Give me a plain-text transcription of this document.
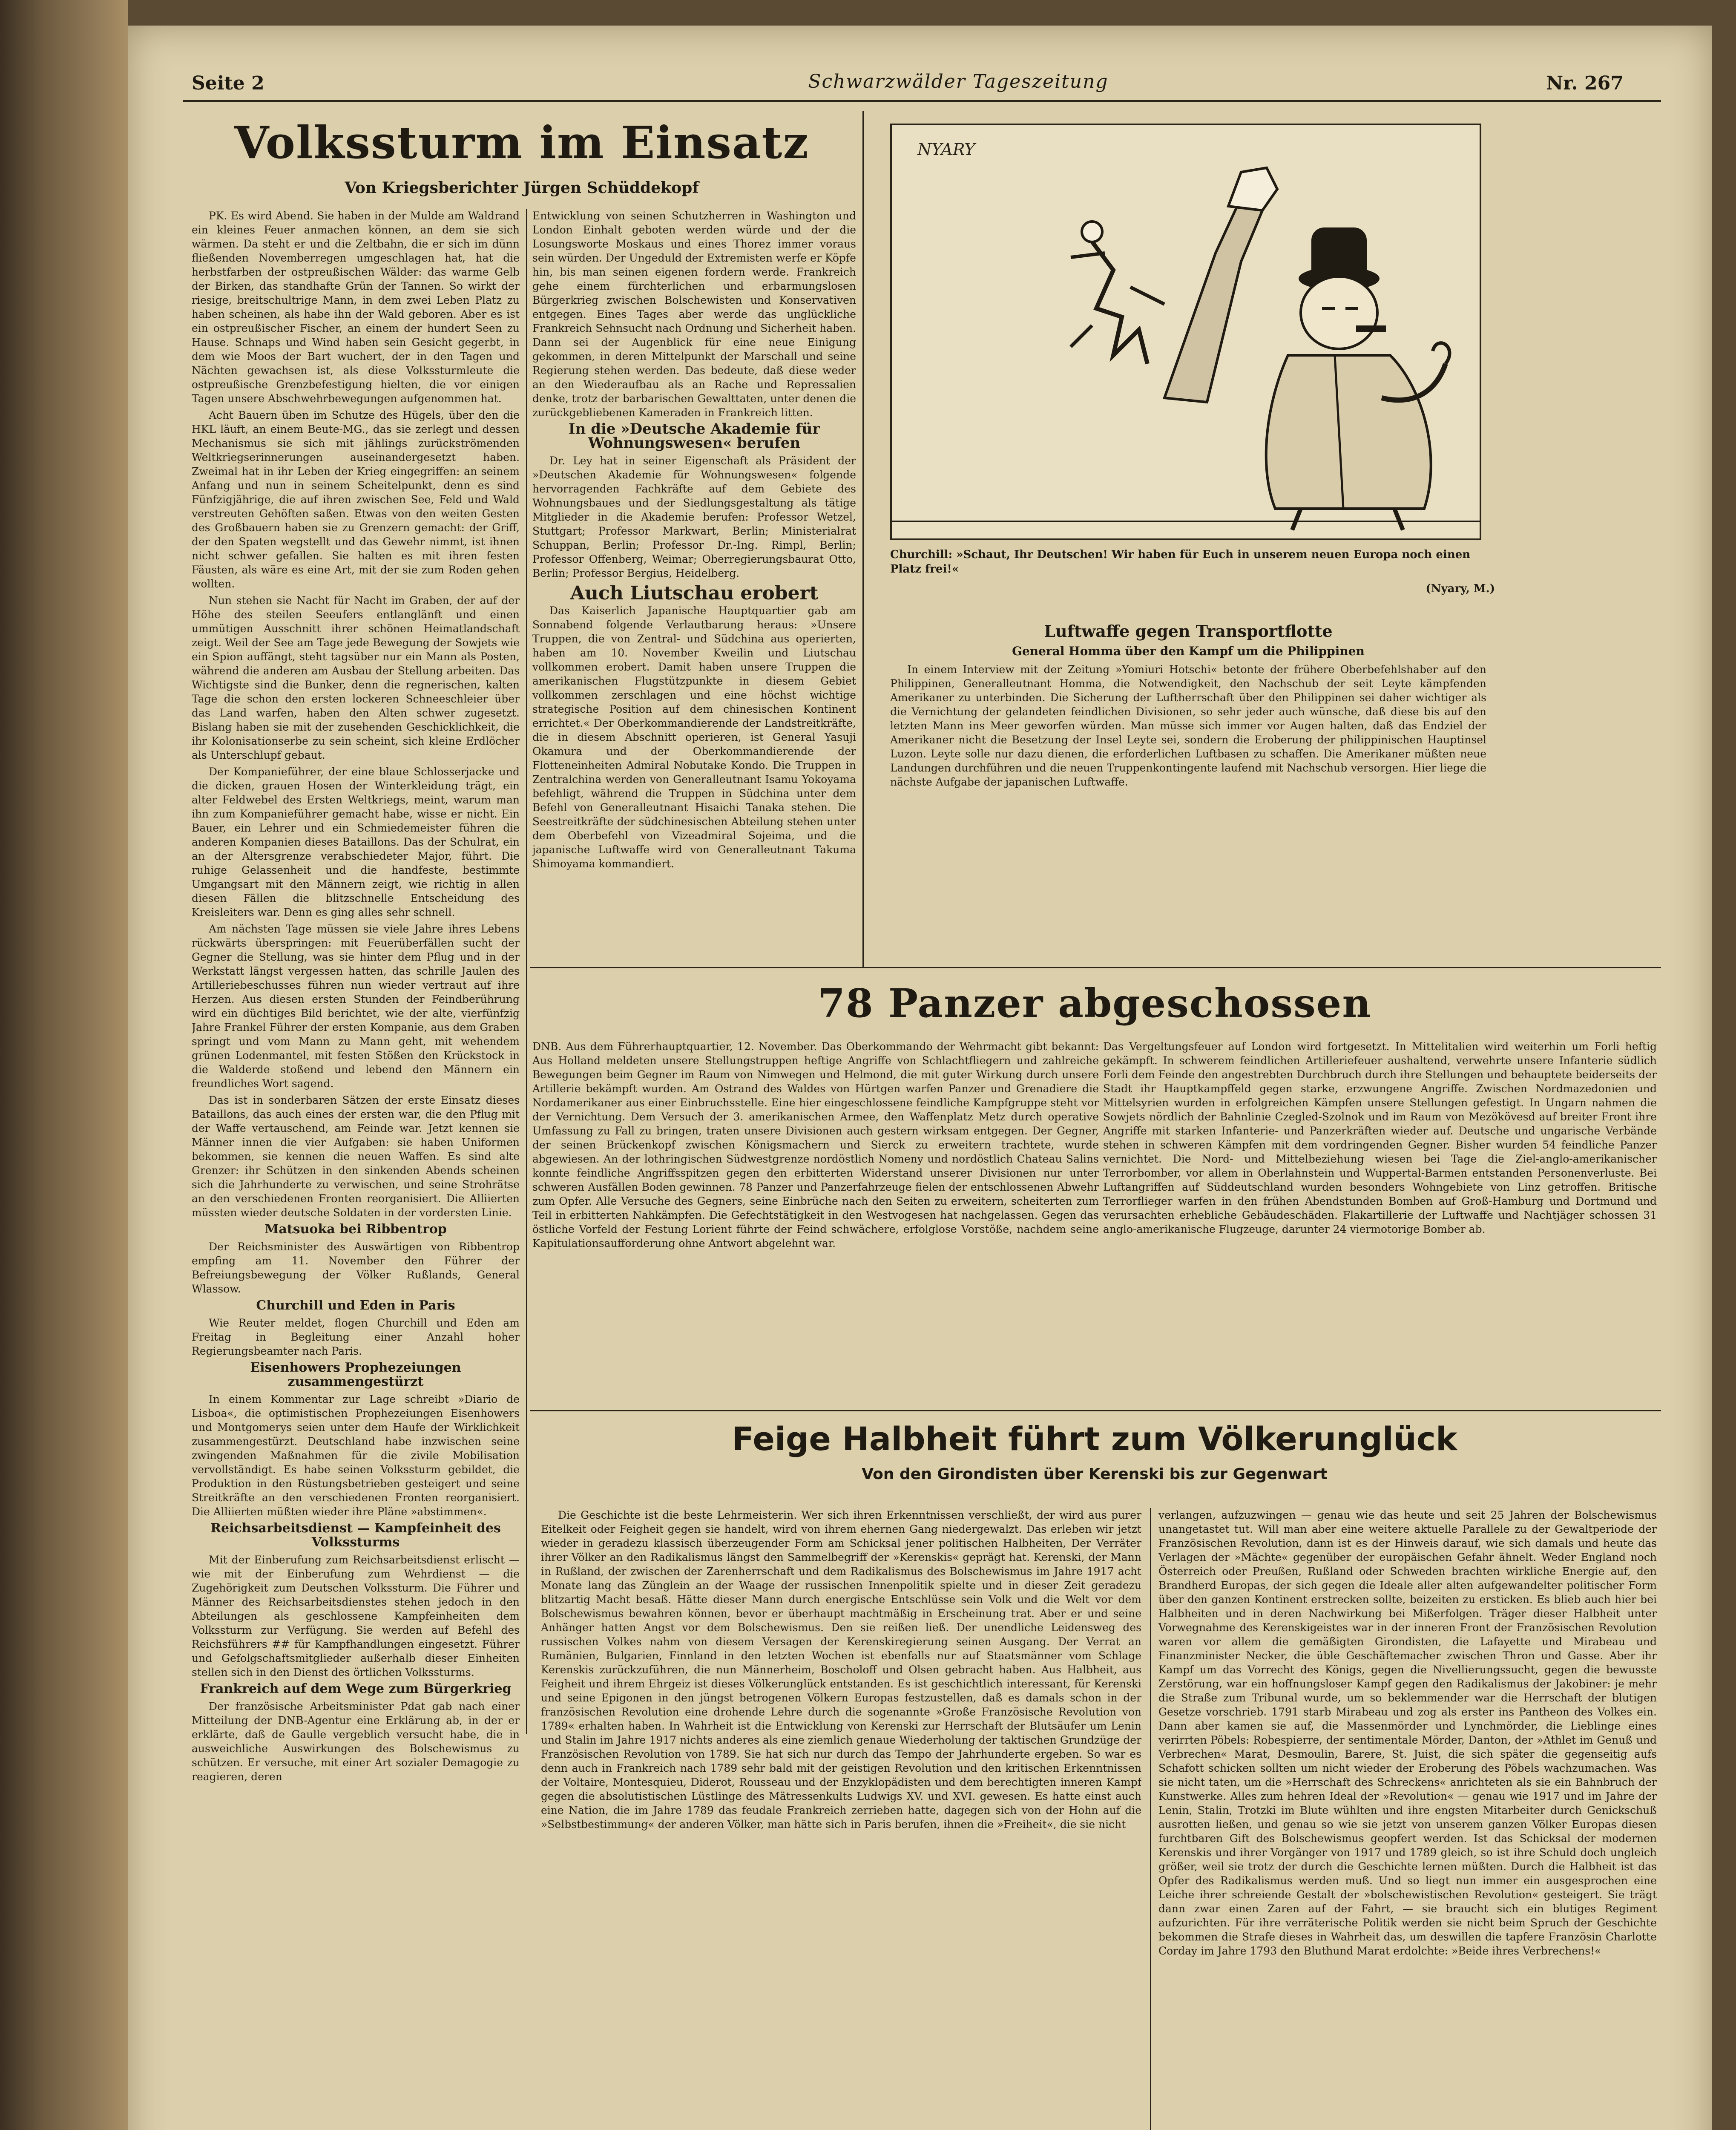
Seite 2	Schwarzwälder Tageszeitung	Nr. 267
Volkssturm im Einsatz
Von Kriegsberichter Jürgen Schüddekopf

PK. Es wird Abend. Sie haben in der Mulde am Waldrand ein kleines Feuer anmachen können, an dem sie sich wärmen. Da steht er und die Zeltbahn, die er sich im dünn fließenden Novemberregen umgeschlagen hat, hat die herbstfarben der ostpreußischen Wälder: das warme Gelb der Birken, das standhafte Grün der Tannen. So wirkt der riesige, breitschultrige Mann, in dem zwei Leben Platz zu haben scheinen, als habe ihn der Wald geboren. Aber es ist ein ostpreußischer Fischer, an einem der hundert Seen zu Hause. Schnaps und Wind haben sein Gesicht gegerbt, in dem wie Moos der Bart wuchert, der in den Tagen und Nächten gewachsen ist, als diese Volkssturmleute die ostpreußische Grenzbefestigung hielten, die vor einigen Tagen unsere Abschwehrbewegungen aufgenommen hat.

Acht Bauern üben im Schutze des Hügels, über den die HKL läuft, an einem Beute-MG., das sie zerlegt und dessen Mechanismus sie sich mit jählings zurückströmenden Weltkriegserinnerungen auseinandergesetzt haben. Zweimal hat in ihr Leben der Krieg eingegriffen: an seinem Anfang und nun in seinem Scheitelpunkt, denn es sind Fünfzigjährige, die auf ihren zwischen See, Feld und Wald verstreuten Gehöften saßen. Etwas von den weiten Gesten des Großbauern haben sie zu Grenzern gemacht: der Griff, der den Spaten wegstellt und das Gewehr nimmt, ist ihnen nicht schwer gefallen. Sie halten es mit ihren festen Fäusten, als wäre es eine Art, mit der sie zum Roden gehen wollten.

Nun stehen sie Nacht für Nacht im Graben, der auf der Höhe des steilen Seeufers entlanglänft und einen ummütigen Ausschnitt ihrer schönen Heimatlandschaft zeigt. Weil der See am Tage jede Bewegung der Sowjets wie ein Spion auffängt, steht tagsüber nur ein Mann als Posten, während die anderen am Ausbau der Stellung arbeiten. Das Wichtigste sind die Bunker, denn die regnerischen, kalten Tage die schon den ersten lockeren Schneeschleier über das Land warfen, haben den Alten schwer zugesetzt. Bislang haben sie mit der zusehenden Geschicklichkeit, die ihr Kolonisationserbe zu sein scheint, sich kleine Erdlöcher als Unterschlupf gebaut.

Der Kompanieführer, der eine blaue Schlosserjacke und die dicken, grauen Hosen der Winterkleidung trägt, ein alter Feldwebel des Ersten Weltkriegs, meint, warum man ihn zum Kompanieführer gemacht habe, wisse er nicht. Ein Bauer, ein Lehrer und ein Schmiedemeister führen die anderen Kompanien dieses Bataillons. Das der Schulrat, ein an der Altersgrenze verabschiedeter Major, führt. Die ruhige Gelassenheit und die handfeste, bestimmte Umgangsart mit den Männern zeigt, wie richtig in allen diesen Fällen die blitzschnelle Entscheidung des Kreisleiters war. Denn es ging alles sehr schnell.

Am nächsten Tage müssen sie viele Jahre ihres Lebens rückwärts überspringen: mit Feuerüberfällen sucht der Gegner die Stellung, was sie hinter dem Pflug und in der Werkstatt längst vergessen hatten, das schrille Jaulen des Artilleriebeschusses führen nun wieder vertraut auf ihre Herzen. Aus diesen ersten Stunden der Feindberührung wird ein düchtiges Bild berichtet, wie der alte, vierfünfzig Jahre Frankel Führer der ersten Kompanie, aus dem Graben springt und vom Mann zu Mann geht, mit wehendem grünen Lodenmantel, mit festen Stößen den Krückstock in die Walderde stoßend und lebend den Männern ein freundliches Wort sagend.

Das ist in sonderbaren Sätzen der erste Einsatz dieses Bataillons, das auch eines der ersten war, die den Pflug mit der Waffe vertauschend, am Feinde war. Jetzt kennen sie Männer innen die vier Aufgaben: sie haben Uniformen bekommen, sie kennen die neuen Waffen. Es sind alte Grenzer: ihr Schützen in den sinkenden Abends scheinen sich die Jahrhunderte zu verwischen, und seine Strohrätse an den verschiedenen Fronten reorganisiert. Die Alliierten müssten wieder deutsche Soldaten in der vordersten Linie.

Matsuoka bei Ribbentrop

Der Reichsminister des Auswärtigen von Ribbentrop empfing am 11. November den Führer der Befreiungsbewegung der Völker Rußlands, General Wlassow.

Churchill und Eden in Paris

Wie Reuter meldet, flogen Churchill und Eden am Freitag in Begleitung einer Anzahl hoher Regierungsbeamter nach Paris.

Eisenhowers Prophezeiungen zusammengestürzt

In einem Kommentar zur Lage schreibt »Diario de Lisboa«, die optimistischen Prophezeiungen Eisenhowers und Montgomerys seien unter dem Haufe der Wirklichkeit zusammengestürzt. Deutschland habe inzwischen seine zwingenden Maßnahmen für die zivile Mobilisation vervollständigt. Es habe seinen Volkssturm gebildet, die Produktion in den Rüstungsbetrieben gesteigert und seine Streitkräfte an den verschiedenen Fronten reorganisiert. Die Alliierten müßten wieder ihre Pläne »abstimmen«.

Reichsarbeitsdienst — Kampfeinheit des Volkssturms

Mit der Einberufung zum Reichsarbeitsdienst erlischt — wie mit der Einberufung zum Wehrdienst — die Zugehörigkeit zum Deutschen Volkssturm. Die Führer und Männer des Reichsarbeitsdienstes stehen jedoch in den Abteilungen als geschlossene Kampfeinheiten dem Volkssturm zur Verfügung. Sie werden auf Befehl des Reichsführers ## für Kampfhandlungen eingesetzt. Führer und Gefolgschaftsmitglieder außerhalb dieser Einheiten stellen sich in den Dienst des örtlichen Volkssturms.

Frankreich auf dem Wege zum Bürgerkrieg

Der französische Arbeitsminister Pdat gab nach einer Mitteilung der DNB-Agentur eine Erklärung ab, in der er erklärte, daß de Gaulle vergeblich versucht habe, die in ausweichliche Auswirkungen des Bolschewismus zu schützen. Er versuche, mit einer Art sozialer Demagogie zu reagieren, deren

Entwicklung von seinen Schutzherren in Washington und London Einhalt geboten werden würde und der die Losungsworte Moskaus und eines Thorez immer voraus sein würden. Der Ungeduld der Extremisten werfe er Köpfe hin, bis man seinen eigenen fordern werde. Frankreich gehe einem fürchterlichen und erbarmungslosen Bürgerkrieg zwischen Bolschewisten und Konservativen entgegen. Eines Tages aber werde das unglückliche Frankreich Sehnsucht nach Ordnung und Sicherheit haben. Dann sei der Augenblick für eine neue Einigung gekommen, in deren Mittelpunkt der Marschall und seine Regierung stehen werden. Das bedeute, daß diese weder an den Wiederaufbau als an Rache und Repressalien denke, trotz der barbarischen Gewalttaten, unter denen die zurückgebliebenen Kameraden in Frankreich litten.

In die »Deutsche Akademie für Wohnungswesen« berufen

Dr. Ley hat in seiner Eigenschaft als Präsident der »Deutschen Akademie für Wohnungswesen« folgende hervorragenden Fachkräfte auf dem Gebiete des Wohnungsbaues und der Siedlungsgestaltung als tätige Mitglieder in die Akademie berufen: Professor Wetzel, Stuttgart; Professor Markwart, Berlin; Ministerialrat Schuppan, Berlin; Professor Dr.-Ing. Rimpl, Berlin; Professor Offenberg, Weimar; Oberregierungsbaurat Otto, Berlin; Professor Bergius, Heidelberg.

Auch Liutschau erobert

Das Kaiserlich Japanische Hauptquartier gab am Sonnabend folgende Verlautbarung heraus: »Unsere Truppen, die von Zentral- und Südchina aus operierten, haben am 10. November Kweilin und Liutschau vollkommen erobert. Damit haben unsere Truppen die amerikanischen Flugstützpunkte in diesem Gebiet vollkommen zerschlagen und eine höchst wichtige strategische Position auf dem chinesischen Kontinent errichtet.« Der Oberkommandierende der Landstreitkräfte, die in diesem Abschnitt operieren, ist General Yasuji Okamura und der Oberkommandierende der Flotteneinheiten Admiral Nobutake Kondo. Die Truppen in Zentralchina werden von Generalleutnant Isamu Yokoyama befehligt, während die Truppen in Südchina unter dem Befehl von Generalleutnant Hisaichi Tanaka stehen. Die Seestreitkräfte der südchinesischen Abteilung stehen unter dem Oberbefehl von Vizeadmiral Sojeima, und die japanische Luftwaffe wird von Generalleutnant Takuma Shimoyama kommandiert.

NYARY
Churchill: »Schaut, Ihr Deutschen! Wir haben für Euch in unserem neuen Europa noch einen Platz frei!«
(Nyary, M.)
Luftwaffe gegen Transportflotte
General Homma über den Kampf um die Philippinen

In einem Interview mit der Zeitung »Yomiuri Hotschi« betonte der frühere Oberbefehlshaber auf den Philippinen, Generalleutnant Homma, die Notwendigkeit, den Nachschub der seit Leyte kämpfenden Amerikaner zu unterbinden. Die Sicherung der Luftherrschaft über den Philippinen sei daher wichtiger als die Vernichtung der gelandeten feindlichen Divisionen, so sehr jeder auch wünsche, daß diese bis auf den letzten Mann ins Meer geworfen würden. Man müsse sich immer vor Augen halten, daß das Endziel der Amerikaner nicht die Besetzung der Insel Leyte sei, sondern die Eroberung der philippinischen Hauptinsel Luzon. Leyte solle nur dazu dienen, die erforderlichen Luftbasen zu schaffen. Die Amerikaner müßten neue Landungen durchführen und die neuen Truppenkontingente laufend mit Nachschub versorgen. Hier liege die nächste Aufgabe der japanischen Luftwaffe.

78 Panzer abgeschossen

DNB. Aus dem Führerhauptquartier, 12. November. Das Oberkommando der Wehrmacht gibt bekannt: Aus Holland meldeten unsere Stellungstruppen heftige Angriffe von Schlachtfliegern und zahlreiche Bewegungen beim Gegner im Raum von Nimwegen und Helmond, die mit guter Wirkung durch unsere Artillerie bekämpft wurden. Am Ostrand des Waldes von Hürtgen warfen Panzer und Grenadiere die Nordamerikaner aus einer Einbruchsstelle. Eine hier eingeschlossene feindliche Kampfgruppe steht vor der Vernichtung. Dem Versuch der 3. amerikanischen Armee, den Waffenplatz Metz durch operative Umfassung zu Fall zu bringen, traten unsere Divisionen auch gestern wirksam entgegen. Der Gegner, der seinen Brückenkopf zwischen Königsmachern und Sierck zu erweitern trachtete, wurde abgewiesen. An der lothringischen Südwestgrenze nordöstlich Nomeny und nordöstlich Chateau Salins konnte feindliche Angriffsspitzen gegen den erbitterten Widerstand unserer Divisionen nur unter schweren Ausfällen Boden gewinnen. 78 Panzer und Panzerfahrzeuge fielen der entschlossenen Abwehr zum Opfer. Alle Versuche des Gegners, seine Einbrüche nach den Seiten zu erweitern, scheiterten zum Teil in erbitterten Nahkämpfen. Die Gefechtstätigkeit in den Westvogesen hat nachgelassen. Gegen das östliche Vorfeld der Festung Lorient führte der Feind schwächere, erfolglose Vorstöße, nachdem seine Kapitulationsaufforderung ohne Antwort abgelehnt war.

Das Vergeltungsfeuer auf London wird fortgesetzt. In Mittelitalien wird weiterhin um Forli heftig gekämpft. In schwerem feindlichen Artilleriefeuer aushaltend, verwehrte unsere Infanterie südlich Forli dem Feinde den angestrebten Durchbruch durch ihre Stellungen und behauptete beiderseits der Stadt ihr Hauptkampffeld gegen starke, erzwungene Angriffe. Zwischen Nordmazedonien und Mittelsyrien wurden in erfolgreichen Kämpfen unsere Stellungen gefestigt. In Ungarn nahmen die Sowjets nördlich der Bahnlinie Czegled-Szolnok und im Raum von Mezökövesd auf breiter Front ihre Angriffe mit starken Infanterie- und Panzerkräften wieder auf. Deutsche und ungarische Verbände stehen in schweren Kämpfen mit dem vordringenden Gegner. Bisher wurden 54 feindliche Panzer vernichtet. Die Nord- und Mittelbeziehung wiesen bei Tage die Ziel-anglo-amerikanischer Terrorbomber, vor allem in Oberlahnstein und Wuppertal-Barmen entstanden Personenverluste. Bei Luftangriffen auf Süddeutschland wurden besonders Wohngebiete von Linz getroffen. Britische Terrorflieger warfen in den frühen Abendstunden Bomben auf Groß-Hamburg und Dortmund und verursachten erhebliche Gebäudeschäden. Flakartillerie der Luftwaffe und Nachtjäger schossen 31 anglo-amerikanische Flugzeuge, darunter 24 viermotorige Bomber ab.

Feige Halbheit führt zum Völkerunglück
Von den Girondisten über Kerenski bis zur Gegenwart

Die Geschichte ist die beste Lehrmeisterin. Wer sich ihren Erkenntnissen verschließt, der wird aus purer Eitelkeit oder Feigheit gegen sie handelt, wird von ihrem ehernen Gang niedergewalzt. Das erleben wir jetzt wieder in geradezu klassisch überzeugender Form am Schicksal jener politischen Halbheiten, Der Verräter ihrer Völker an den Radikalismus längst den Sammelbegriff der »Kerenskis« geprägt hat. Kerenski, der Mann in Rußland, der zwischen der Zarenherrschaft und dem Radikalismus des Bolschewismus im Jahre 1917 acht Monate lang das Zünglein an der Waage der russischen Innenpolitik spielte und in dieser Zeit geradezu blitzartig Macht besaß. Hätte dieser Mann durch energische Entschlüsse sein Volk und die Welt vor dem Bolschewismus bewahren können, bevor er überhaupt machtmäßig in Erscheinung trat. Aber er und seine Anhänger hatten Angst vor dem Bolschewismus. Den sie reißen ließ. Der unendliche Leidensweg des russischen Volkes nahm von diesem Versagen der Kerenskiregierung seinen Ausgang. Der Verrat an Rumänien, Bulgarien, Finnland in den letzten Wochen ist ebenfalls nur auf Staatsmänner vom Schlage Kerenskis zurückzuführen, die nun Männerheim, Boscholoff und Olsen gebracht haben. Aus Halbheit, aus Feigheit und ihrem Ehrgeiz ist dieses Völkerunglück entstanden. Es ist geschichtlich interessant, für Kerenski und seine Epigonen in den jüngst betrogenen Völkern Europas festzustellen, daß es damals schon in der französischen Revolution eine drohende Lehre durch die sogenannte »Große Französische Revolution von 1789« erhalten haben. In Wahrheit ist die Entwicklung von Kerenski zur Herrschaft der Blutsäufer um Lenin und Stalin im Jahre 1917 nichts anderes als eine ziemlich genaue Wiederholung der taktischen Grundzüge der Französischen Revolution von 1789. Sie hat sich nur durch das Tempo der Jahrhunderte ergeben. So war es denn auch in Frankreich nach 1789 sehr bald mit der geistigen Revolution und den kritischen Erkenntnissen der Voltaire, Montesquieu, Diderot, Rousseau und der Enzyklopädisten und dem berechtigten inneren Kampf gegen die absolutistischen Lüstlinge des Mätressenkults Ludwigs XV. und XVI. gewesen. Es hatte einst auch eine Nation, die im Jahre 1789 das feudale Frankreich zerrieben hatte, dagegen sich von der Hohn auf die »Selbstbestimmung« der anderen Völker, man hätte sich in Paris berufen, ihnen die »Freiheit«, die sie nicht

verlangen, aufzuzwingen — genau wie das heute und seit 25 Jahren der Bolschewismus unangetastet tut. Will man aber eine weitere aktuelle Parallele zu der Gewaltperiode der Französischen Revolution, dann ist es der Hinweis darauf, wie sich damals und heute das Verlagen der »Mächte« gegenüber der europäischen Gefahr ähnelt. Weder England noch Österreich oder Preußen, Rußland oder Schweden brachten wirkliche Energie auf, den Brandherd Europas, der sich gegen die Ideale aller alten aufgewandelter politischer Form über den ganzen Kontinent erstrecken sollte, beizeiten zu ersticken. Es blieb auch hier bei Halbheiten und in deren Nachwirkung bei Mißerfolgen. Träger dieser Halbheit unter Vorwegnahme des Kerenskigeistes war in der inneren Front der Französischen Revolution waren vor allem die gemäßigten Girondisten, die Lafayette und Mirabeau und Finanzminister Necker, die üble Geschäftemacher zwischen Thron und Gasse. Aber ihr Kampf um das Vorrecht des Königs, gegen die Nivellierungssucht, gegen die bewusste Zerstörung, war ein hoffnungsloser Kampf gegen den Radikalismus der Jakobiner: je mehr die Straße zum Tribunal wurde, um so beklemmender war die Herrschaft der blutigen Gesetze vorschrieb. 1791 starb Mirabeau und zog als erster ins Pantheon des Volkes ein. Dann aber kamen sie auf, die Massenmörder und Lynchmörder, die Lieblinge eines verirrten Pöbels: Robespierre, der sentimentale Mörder, Danton, der »Athlet im Genuß und Verbrechen« Marat, Desmoulin, Barere, St. Juist, die sich später die gegenseitig aufs Schafott schicken sollten um nicht wieder der Eroberung des Pöbels wachzumachen. Was sie nicht taten, um die »Herrschaft des Schreckens« anrichteten als sie ein Bahnbruch der Kunstwerke. Alles zum hehren Ideal der »Revolution« — genau wie 1917 und im Jahre der Lenin, Stalin, Trotzki im Blute wühlten und ihre engsten Mitarbeiter durch Genickschuß ausrotten ließen, und genau so wie sie jetzt von unserem ganzen Völker Europas diesen furchtbaren Gift des Bolschewismus geopfert werden. Ist das Schicksal der modernen Kerenskis und ihrer Vorgänger von 1917 und 1789 gleich, so ist ihre Schuld doch ungleich größer, weil sie trotz der durch die Geschichte lernen müßten. Durch die Halbheit ist das Opfer des Radikalismus werden muß. Und so liegt nun immer ein ausgesprochen eine Leiche ihrer schreiende Gestalt der »bolschewistischen Revolution« gesteigert. Sie trägt dann zwar einen Zaren auf der Fahrt, — sie braucht sich ein blutiges Regiment aufzurichten. Für ihre verräterische Politik werden sie nicht beim Spruch der Geschichte bekommen die Strafe dieses in Wahrheit das, um deswillen die tapfere Französin Charlotte Corday im Jahre 1793 den Bluthund Marat erdolchte: »Beide ihres Verbrechens!«
